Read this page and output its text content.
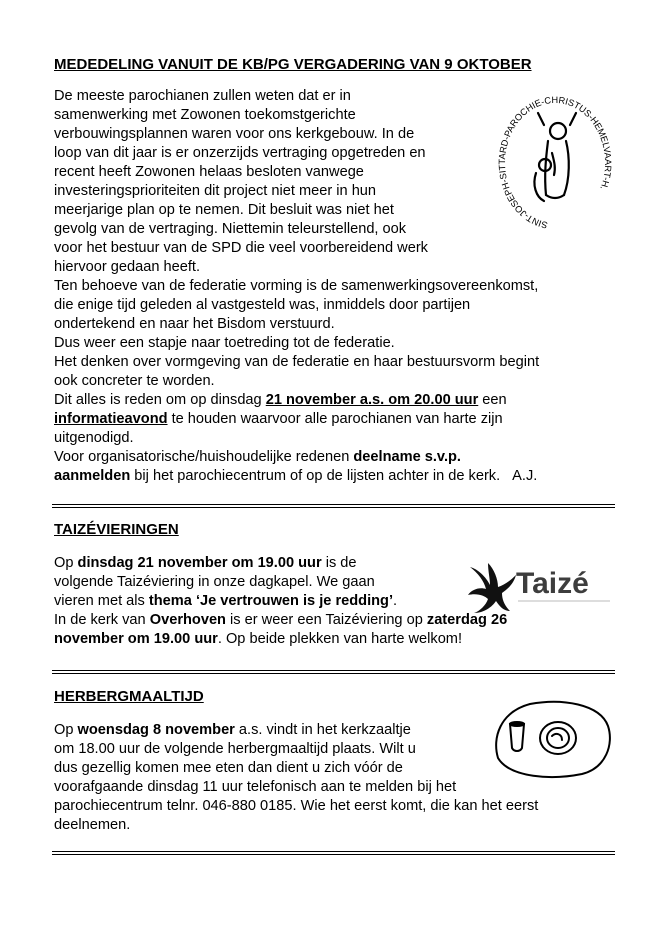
MEDEDELING VANUIT DE KB/PG VERGADERING VAN 9 OKTOBER
De meeste parochianen zullen weten dat er in
samenwerking met Zowonen toekomstgerichte
verbouwingsplannen waren voor ons kerkgebouw. In de
loop van dit jaar is er onzerzijds vertraging opgetreden en
recent heeft Zowonen helaas besloten vanwege
investeringsprioriteiten dit project niet meer in hun
meerjarige plan op te nemen. Dit besluit was niet het
gevolg van de vertraging. Niettemin teleurstellend, ook
voor het bestuur van de SPD die veel voorbereidend werk
hiervoor gedaan heeft.
Ten behoeve van de federatie vorming is de samenwerkingsovereenkomst,
die enige tijd geleden al vastgesteld was, inmiddels door partijen
ondertekend en naar het Bisdom verstuurd.
Dus weer een stapje naar toetreding tot de federatie.
Het denken over vormgeving van de federatie en haar bestuursvorm begint
ook concreter te worden.
Dit alles is reden om op dinsdag 21 november a.s. om 20.00 uur een
informatieavond te houden waarvoor alle parochianen van harte zijn
uitgenodigd.
Voor organisatorische/huishoudelijke redenen deelname s.v.p.
aanmelden bij het parochiecentrum of op de lijsten achter in de kerk. A.J.
SINT-JOSEPH-SITTARD-PAROCHIE-CHRISTUS-HEMELVAART-H.
TAIZÉVIERINGEN
Op dinsdag 21 november om 19.00 uur is de
volgende Taizéviering in onze dagkapel. We gaan
vieren met als thema ‘Je vertrouwen is je redding’.
In de kerk van Overhoven is er weer een Taizéviering op zaterdag 26
november om 19.00 uur. Op beide plekken van harte welkom!
Taizé
HERBERGMAALTIJD
Op woensdag 8 november a.s. vindt in het kerkzaaltje
om 18.00 uur de volgende herbergmaaltijd plaats. Wilt u
dus gezellig komen mee eten dan dient u zich vóór de
voorafgaande dinsdag 11 uur telefonisch aan te melden bij het
parochiecentrum telnr. 046-880 0185. Wie het eerst komt, die kan het eerst
deelnemen.
